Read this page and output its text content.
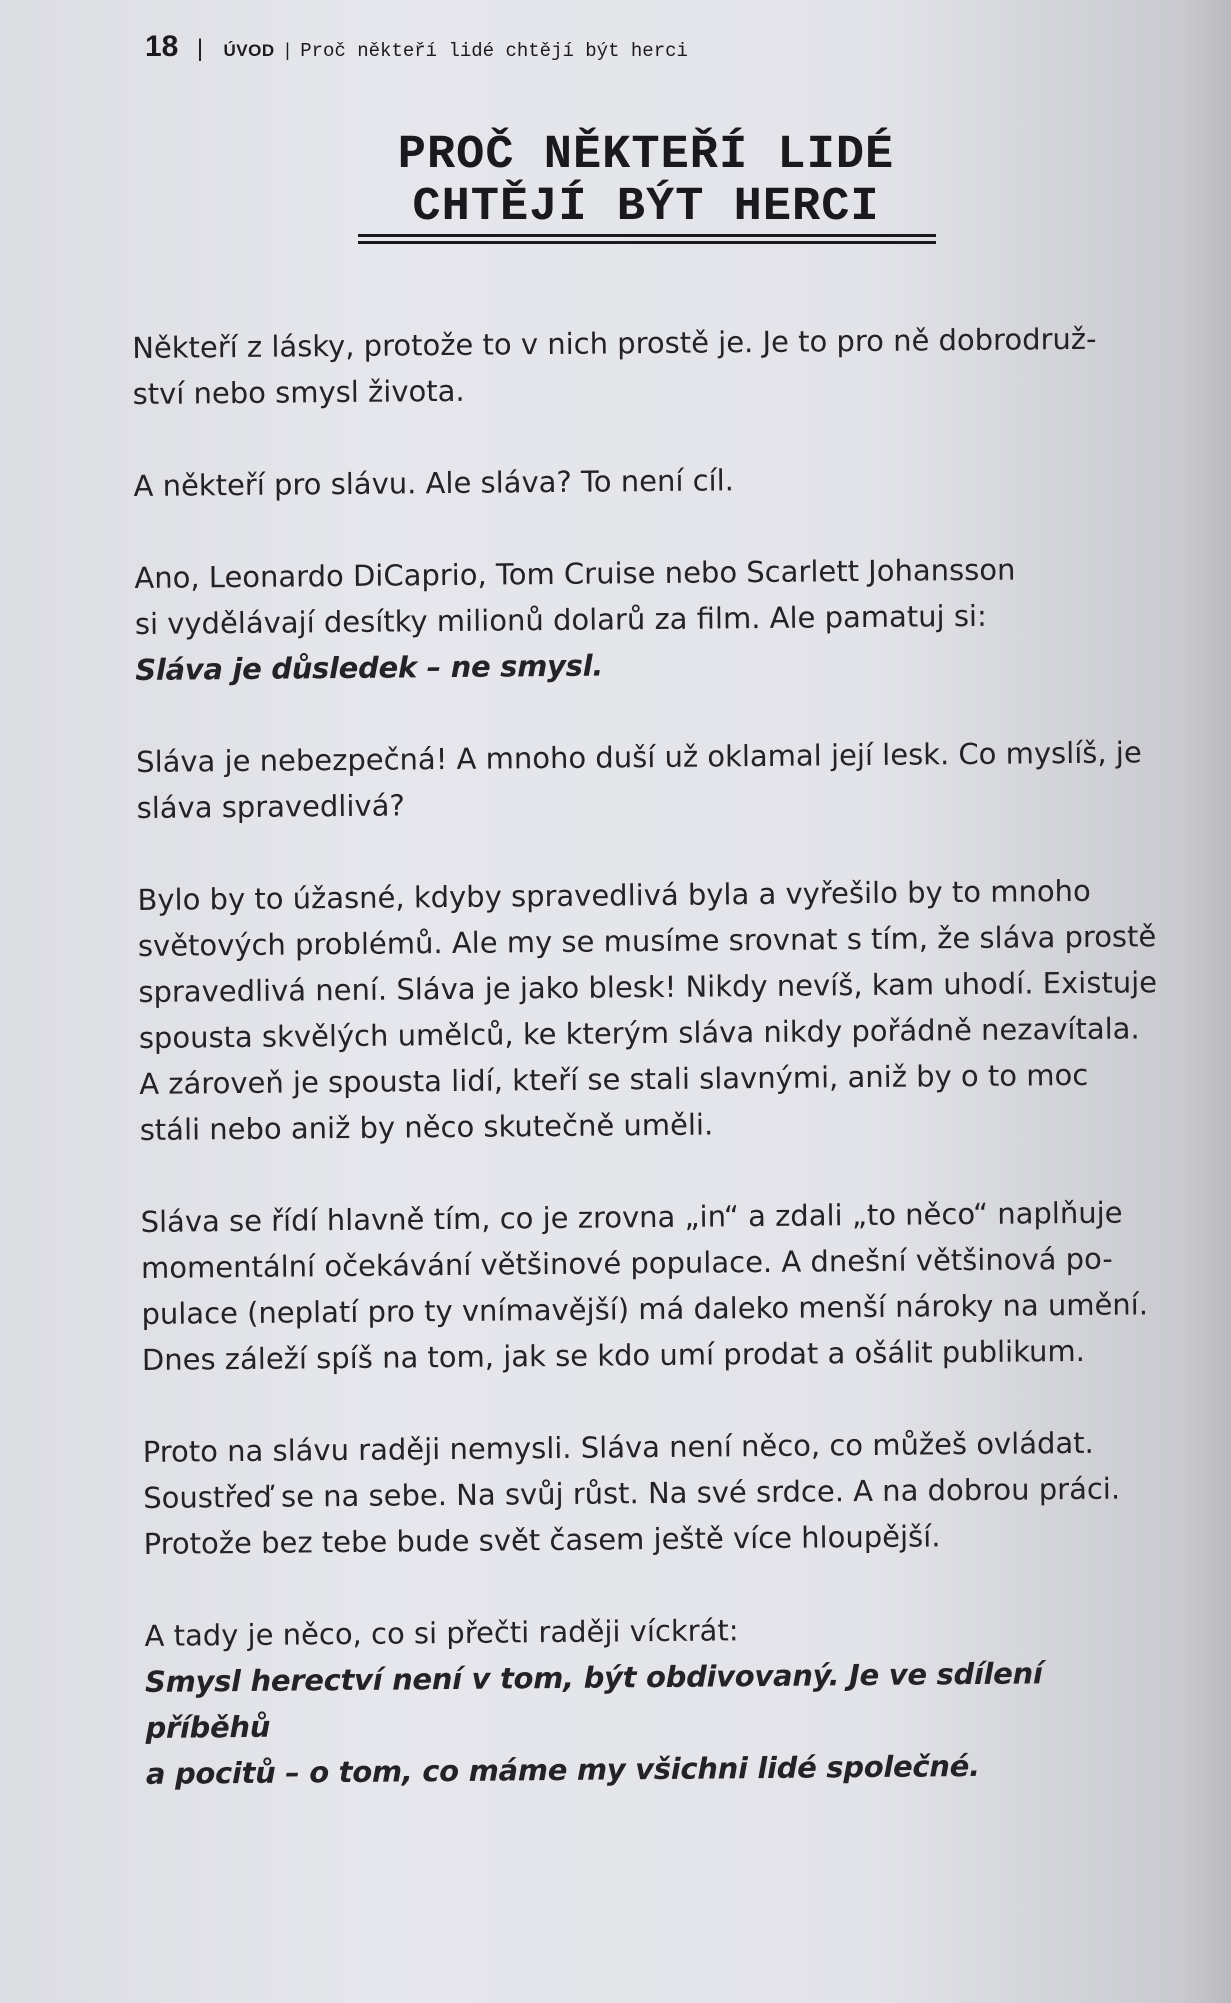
18 | ÚVOD | Proč někteří lidé chtějí být herci
PROČ NĚKTEŘÍ LIDÉ
CHTĚJÍ BÝT HERCI
Někteří z lásky, protože to v nich prostě je. Je to pro ně dobrodruž-
ství nebo smysl života.
A někteří pro slávu. Ale sláva? To není cíl.
Ano, Leonardo DiCaprio, Tom Cruise nebo Scarlett Johansson
si vydělávají desítky milionů dolarů za film. Ale pamatuj si:
Sláva je důsledek – ne smysl.
Sláva je nebezpečná! A mnoho duší už oklamal její lesk. Co myslíš, je
sláva spravedlivá?
Bylo by to úžasné, kdyby spravedlivá byla a vyřešilo by to mnoho
světových problémů. Ale my se musíme srovnat s tím, že sláva prostě
spravedlivá není. Sláva je jako blesk! Nikdy nevíš, kam uhodí. Existuje
spousta skvělých umělců, ke kterým sláva nikdy pořádně nezavítala.
A zároveň je spousta lidí, kteří se stali slavnými, aniž by o to moc
stáli nebo aniž by něco skutečně uměli.
Sláva se řídí hlavně tím, co je zrovna „in“ a zdali „to něco“ naplňuje
momentální očekávání většinové populace. A dnešní většinová po-
pulace (neplatí pro ty vnímavější) má daleko menší nároky na umění.
Dnes záleží spíš na tom, jak se kdo umí prodat a ošálit publikum.
Proto na slávu raději nemysli. Sláva není něco, co můžeš ovládat.
Soustřeď se na sebe. Na svůj růst. Na své srdce. A na dobrou práci.
Protože bez tebe bude svět časem ještě více hloupější.
A tady je něco, co si přečti raději víckrát:
Smysl herectví není v tom, být obdivovaný. Je ve sdílení příběhů
a pocitů – o tom, co máme my všichni lidé společné.
